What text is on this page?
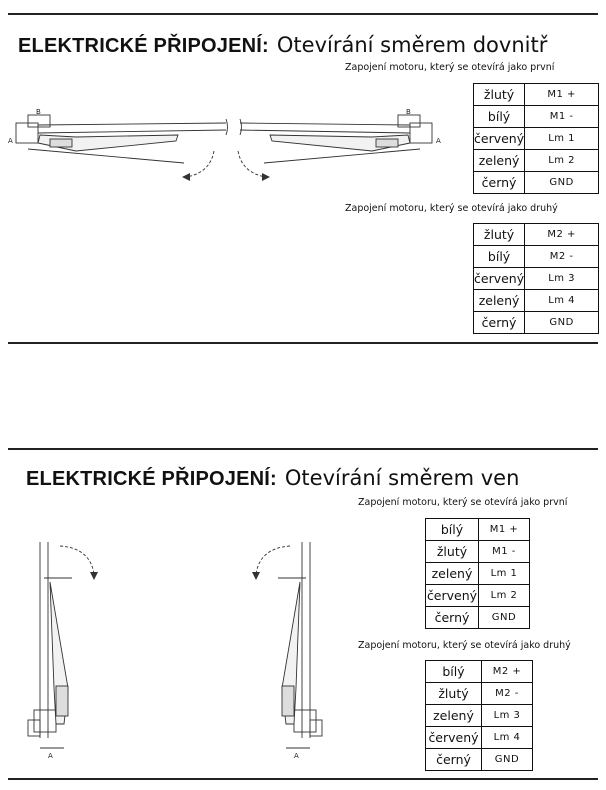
ELEKTRICKÉ PŘIPOJENÍ: Otevírání směrem dovnitř
Zapojení motoru, který se otevírá jako první
žlutý	M1 +
bílý	M1 -
červený	Lm 1
zelený	Lm 2
černý	GND
Zapojení motoru, který se otevírá jako druhý
žlutý	M2 +
bílý	M2 -
červený	Lm 3
zelený	Lm 4
černý	GND
B
A
B
A
ELEKTRICKÉ PŘIPOJENÍ: Otevírání směrem ven
Zapojení motoru, který se otevírá jako první
bílý	M1 +
žlutý	M1 -
zelený	Lm 1
červený	Lm 2
černý	GND
Zapojení motoru, který se otevírá jako druhý
bílý	M2 +
žlutý	M2 -
zelený	Lm 3
červený	Lm 4
černý	GND
A	A
